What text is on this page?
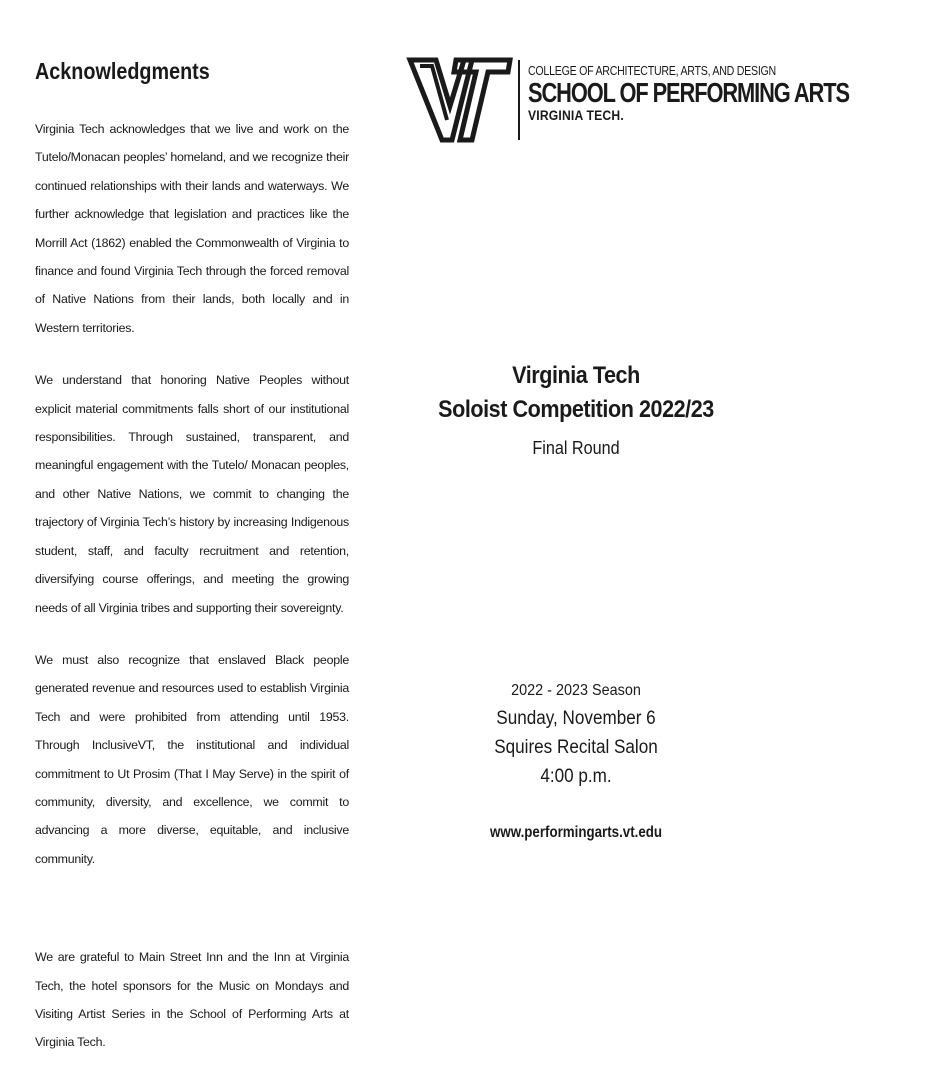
Acknowledgments

Virginia Tech acknowledges that we live and work on the Tutelo/Monacan peoples’ homeland, and we recognize their continued relationships with their lands and waterways. We further acknowledge that legislation and practices like the Morrill Act (1862) enabled the Commonwealth of Virginia to finance and found Virginia Tech through the forced removal of Native Nations from their lands, both locally and in Western territories.

We understand that honoring Native Peoples without explicit material commitments falls short of our institutional responsibilities. Through sustained, transparent, and meaningful engagement with the Tutelo/ Monacan peoples, and other Native Nations, we commit to changing the trajectory of Virginia Tech’s history by increasing Indigenous student, staff, and faculty recruitment and retention, diversifying course offerings, and meeting the growing needs of all Virginia tribes and supporting their sovereignty.

We must also recognize that enslaved Black people generated revenue and resources used to establish Virginia Tech and were prohibited from attending until 1953. Through InclusiveVT, the institutional and individual commitment to Ut Prosim (That I May Serve) in the spirit of community, diversity, and excellence, we commit to advancing a more diverse, equitable, and inclusive community.

We are grateful to Main Street Inn and the Inn at Virginia Tech, the hotel sponsors for the Music on Mondays and Visiting Artist Series in the School of Performing Arts at Virginia Tech.

COLLEGE OF ARCHITECTURE, ARTS, AND DESIGN
SCHOOL OF PERFORMING ARTS
VIRGINIA TECH.
Virginia Tech
Soloist Competition 2022/23
Final Round
2022 - 2023 Season
Sunday, November 6
Squires Recital Salon
4:00 p.m.
www.performingarts.vt.edu
